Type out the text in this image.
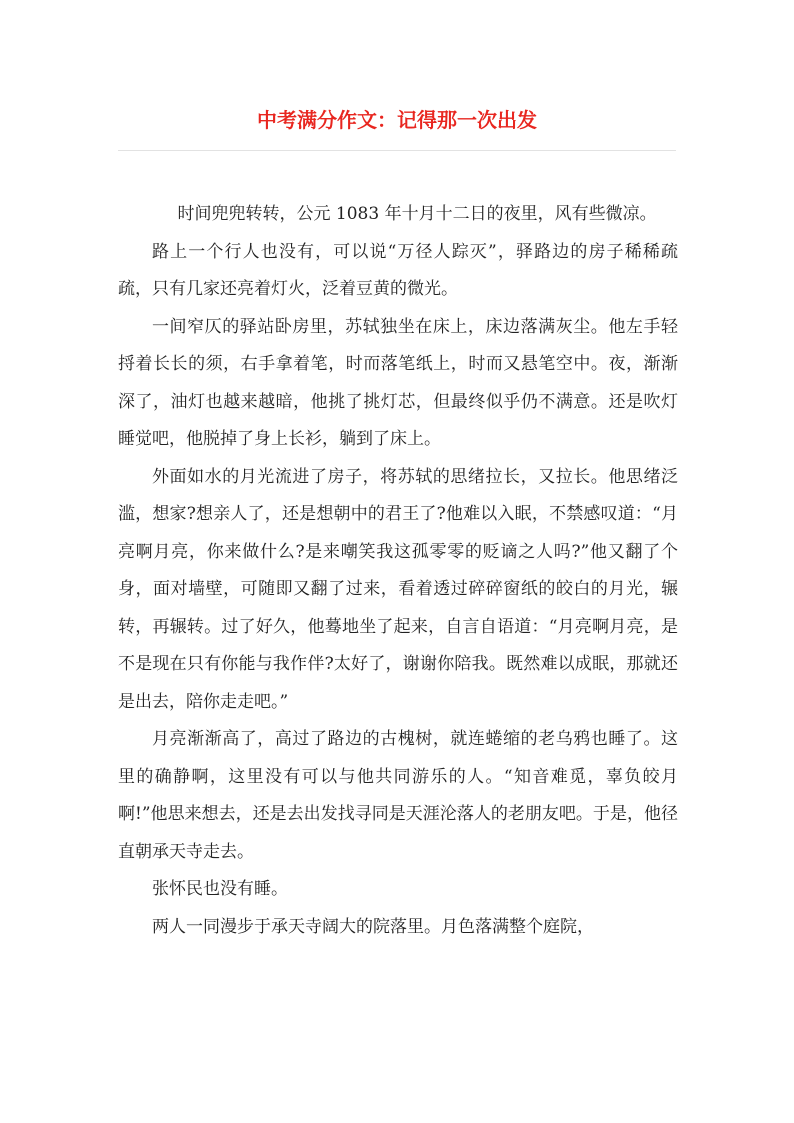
中考满分作文：记得那一次出发

时间兜兜转转，公元 1083 年十月十二日的夜里，风有些微凉。

路上一个行人也没有，可以说“万径人踪灭”，驿路边的房子稀稀疏疏，只有几家还亮着灯火，泛着豆黄的微光。

一间窄仄的驿站卧房里，苏轼独坐在床上，床边落满灰尘。他左手轻捋着长长的须，右手拿着笔，时而落笔纸上，时而又悬笔空中。夜，渐渐深了，油灯也越来越暗，他挑了挑灯芯，但最终似乎仍不满意。还是吹灯睡觉吧，他脱掉了身上长衫，躺到了床上。

外面如水的月光流进了房子，将苏轼的思绪拉长，又拉长。他思绪泛滥，想家?想亲人了，还是想朝中的君王了?他难以入眠，不禁感叹道：“月亮啊月亮，你来做什么?是来嘲笑我这孤零零的贬谪之人吗?”他又翻了个身，面对墙壁，可随即又翻了过来，看着透过碎碎窗纸的皎白的月光，辗转，再辗转。过了好久，他蓦地坐了起来，自言自语道：“月亮啊月亮，是不是现在只有你能与我作伴?太好了，谢谢你陪我。既然难以成眠，那就还是出去，陪你走走吧。”

月亮渐渐高了，高过了路边的古槐树，就连蜷缩的老乌鸦也睡了。这里的确静啊，这里没有可以与他共同游乐的人。“知音难觅，辜负皎月啊!”他思来想去，还是去出发找寻同是天涯沦落人的老朋友吧。于是，他径直朝承天寺走去。

张怀民也没有睡。

两人一同漫步于承天寺阔大的院落里。月色落满整个庭院，
